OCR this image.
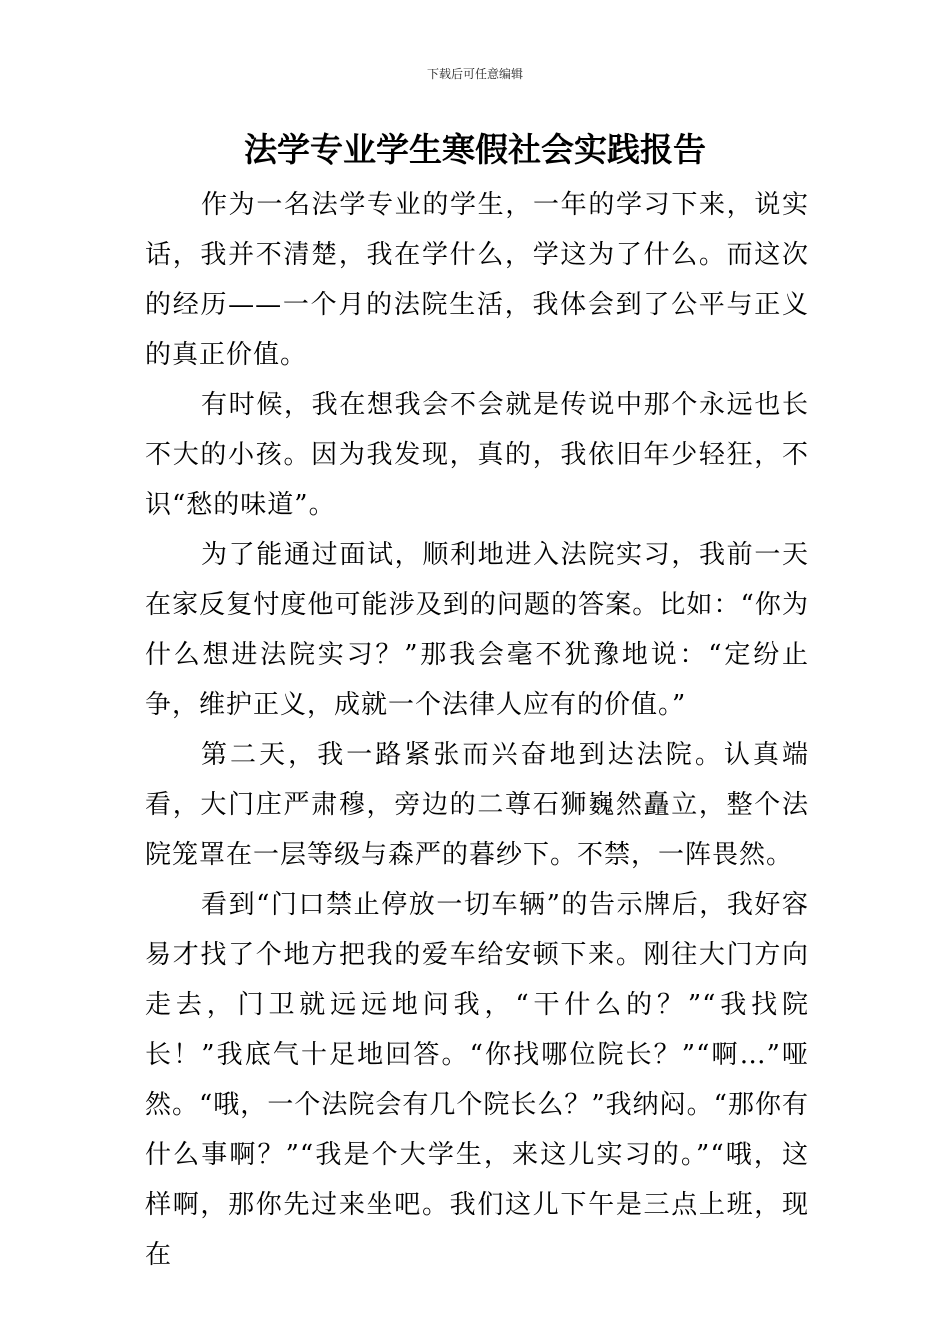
下载后可任意编辑
法学专业学生寒假社会实践报告

作为一名法学专业的学生，一年的学习下来，说实话，我并不清楚，我在学什么，学这为了什么。而这次的经历——一个月的法院生活，我体会到了公平与正义的真正价值。

有时候，我在想我会不会就是传说中那个永远也长不大的小孩。因为我发现，真的，我依旧年少轻狂，不识“愁的味道”。

为了能通过面试，顺利地进入法院实习，我前一天在家反复忖度他可能涉及到的问题的答案。比如：“你为什么想进法院实习？”那我会毫不犹豫地说：“定纷止争，维护正义，成就一个法律人应有的价值。”

第二天，我一路紧张而兴奋地到达法院。认真端看，大门庄严肃穆，旁边的二尊石狮巍然矗立，整个法院笼罩在一层等级与森严的暮纱下。不禁，一阵畏然。

看到“门口禁止停放一切车辆”的告示牌后，我好容易才找了个地方把我的爱车给安顿下来。刚往大门方向走去，门卫就远远地问我，“干什么的？”“我找院长！”我底气十足地回答。“你找哪位院长？”“啊…”哑然。“哦，一个法院会有几个院长么？”我纳闷。“那你有什么事啊？”“我是个大学生，来这儿实习的。”“哦，这样啊，那你先过来坐吧。我们这儿下午是三点上班，现在
